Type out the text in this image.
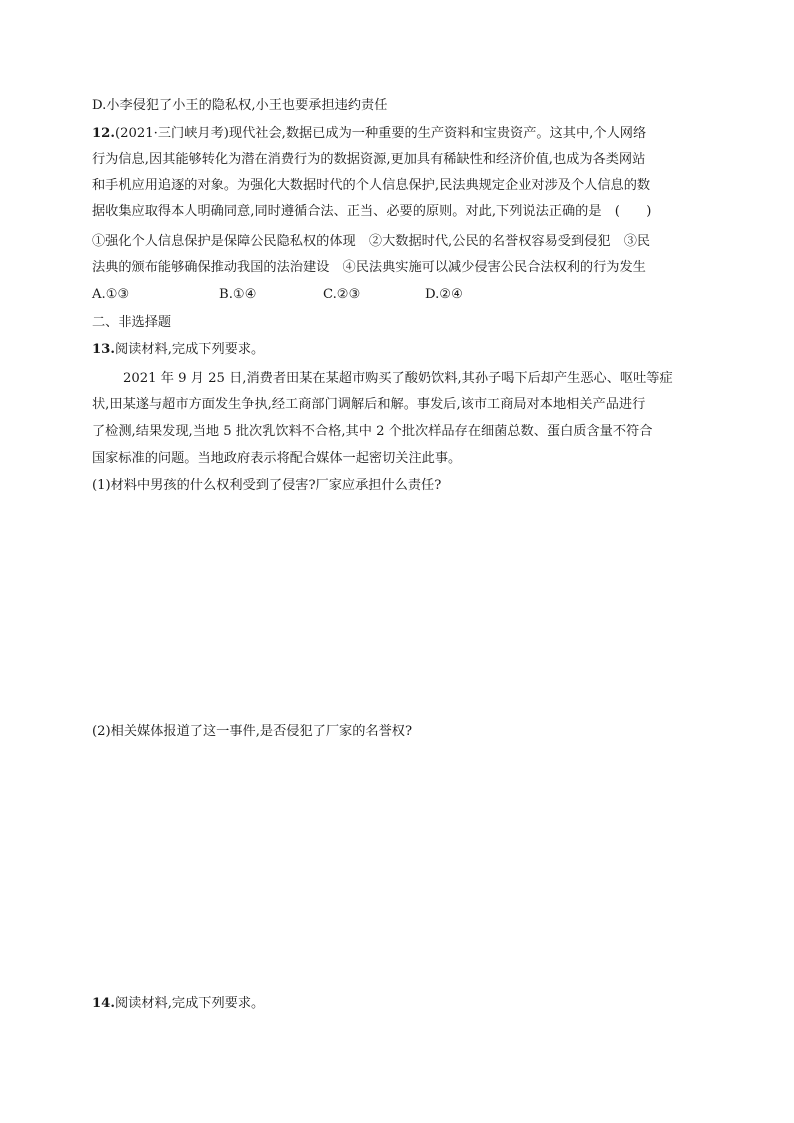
D.小李侵犯了小王的隐私权,小王也要承担违约责任
12.(2021·三门峡月考)现代社会,数据已成为一种重要的生产资料和宝贵资产。这其中,个人网络
行为信息,因其能够转化为潜在消费行为的数据资源,更加具有稀缺性和经济价值,也成为各类网站
和手机应用追逐的对象。为强化大数据时代的个人信息保护,民法典规定企业对涉及个人信息的数
据收集应取得本人明确同意,同时遵循合法、正当、必要的原则。对此,下列说法正确的是　(　　)
①强化个人信息保护是保障公民隐私权的体现　②大数据时代,公民的名誉权容易受到侵犯　③民
法典的颁布能够确保推动我国的法治建设　④民法典实施可以减少侵害公民合法权利的行为发生
A.①③	B.①④	C.②③	D.②④
二、非选择题
13.阅读材料,完成下列要求。
2021 年 9 月 25 日,消费者田某在某超市购买了酸奶饮料,其孙子喝下后却产生恶心、呕吐等症
状,田某遂与超市方面发生争执,经工商部门调解后和解。事发后,该市工商局对本地相关产品进行
了检测,结果发现,当地 5 批次乳饮料不合格,其中 2 个批次样品存在细菌总数、蛋白质含量不符合
国家标准的问题。当地政府表示将配合媒体一起密切关注此事。
(1)材料中男孩的什么权利受到了侵害?厂家应承担什么责任?
(2)相关媒体报道了这一事件,是否侵犯了厂家的名誉权?
14.阅读材料,完成下列要求。
